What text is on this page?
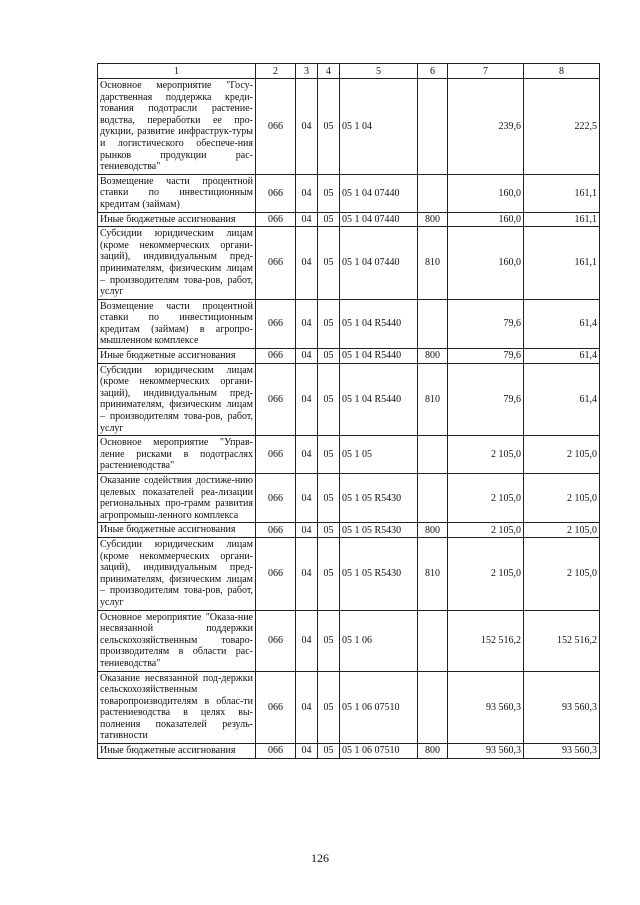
1	2	3	4	5	6	7	8
Основное мероприятие "Госу-дарственная поддержка креди-тования подотрасли растение-водства, переработки ее про-дукции, развитие инфраструк-туры и логистического обеспече-ния рынков продукции рас-тениеводства"	066	04	05	05 1 04		239,6	222,5
Возмещение части процентной ставки по инвестиционным кредитам (займам)	066	04	05	05 1 04 07440		160,0	161,1
Иные бюджетные ассигнования	066	04	05	05 1 04 07440	800	160,0	161,1
Субсидии юридическим лицам (кроме некоммерческих органи-заций), индивидуальным пред-принимателям, физическим лицам – производителям това-ров, работ, услуг	066	04	05	05 1 04 07440	810	160,0	161,1
Возмещение части процентной ставки по инвестиционным кредитам (займам) в агропро-мышленном комплексе	066	04	05	05 1 04 R5440		79,6	61,4
Иные бюджетные ассигнования	066	04	05	05 1 04 R5440	800	79,6	61,4
Субсидии юридическим лицам (кроме некоммерческих органи-заций), индивидуальным пред-принимателям, физическим лицам – производителям това-ров, работ, услуг	066	04	05	05 1 04 R5440	810	79,6	61,4
Основное мероприятие "Управ-ление рисками в подотраслях растениеводства"	066	04	05	05 1 05		2 105,0	2 105,0
Оказание содействия достиже-нию целевых показателей реа-лизации региональных про-грамм развития агропромыш-ленного комплекса	066	04	05	05 1 05 R5430		2 105,0	2 105,0
Иные бюджетные ассигнования	066	04	05	05 1 05 R5430	800	2 105,0	2 105,0
Субсидии юридическим лицам (кроме некоммерческих органи-заций), индивидуальным пред-принимателям, физическим лицам – производителям това-ров, работ, услуг	066	04	05	05 1 05 R5430	810	2 105,0	2 105,0
Основное мероприятие "Оказа-ние несвязанной поддержки сельскохозяйственным товаро-производителям в области рас-тениеводства"	066	04	05	05 1 06		152 516,2	152 516,2
Оказание несвязанной под-держки сельскохозяйственным товаропроизводителям в облас-ти растениеводства в целях вы-полнения показателей резуль-тативности	066	04	05	05 1 06 07510		93 560,3	93 560,3
Иные бюджетные ассигнования	066	04	05	05 1 06 07510	800	93 560,3	93 560,3
126
